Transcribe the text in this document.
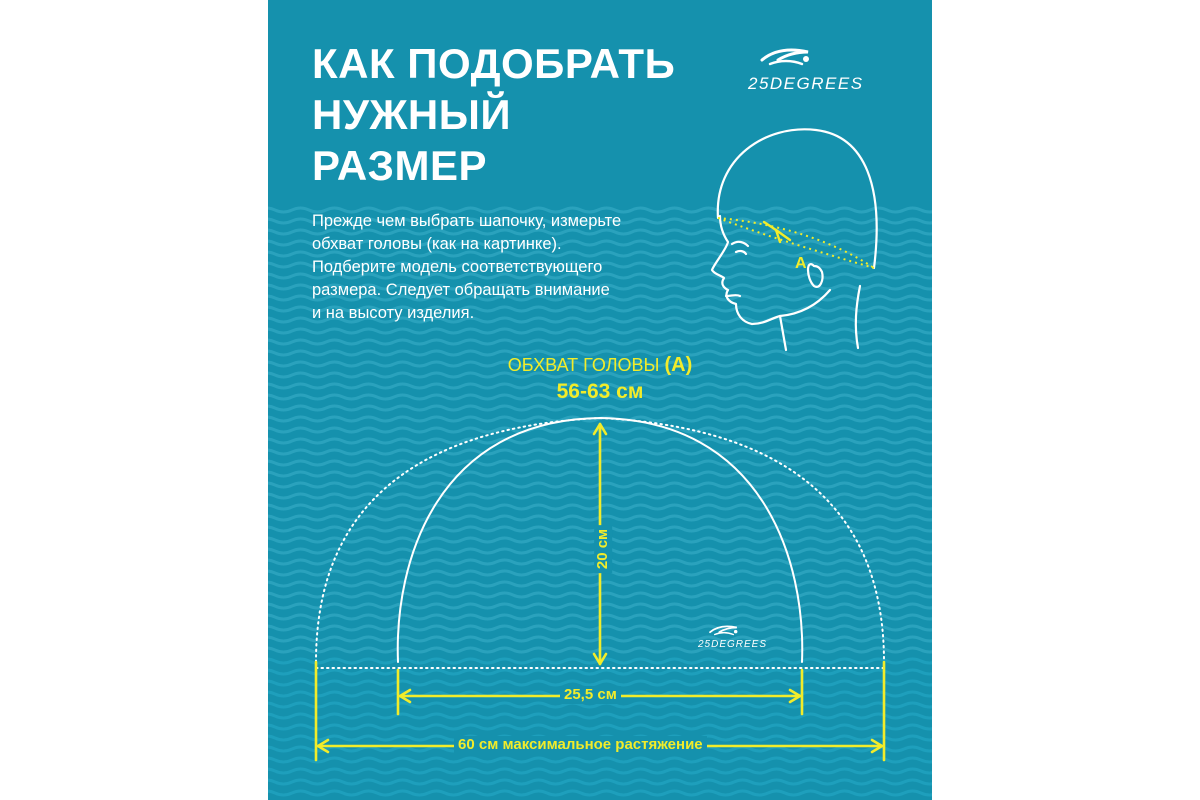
КАК ПОДОБРАТЬ
НУЖНЫЙ
РАЗМЕР
25DEGREES

Прежде чем выбрать шапочку, измерьте
обхват головы (как на картинке).
Подберите модель соответствующего
размера. Следует обращать внимание
и на высоту изделия.

A
ОБХВАТ ГОЛОВЫ (A)
56-63 см
20 см
25,5 см
60 см максимальное растяжение
25DEGREES
